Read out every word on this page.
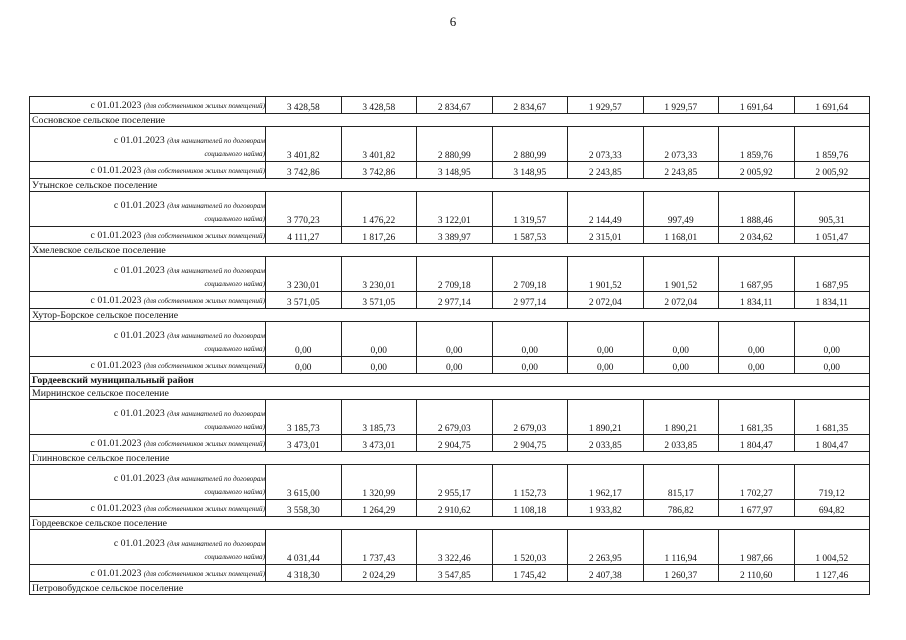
6
с 01.01.2023 (для собственников жилых помещений)	3 428,58	3 428,58	2 834,67	2 834,67	1 929,57	1 929,57	1 691,64	1 691,64
Сосновское сельское поселение								

с 01.01.2023 (для нанимателей по договорам
социального найма)	3 401,82	3 401,82	2 880,99	2 880,99	2 073,33	2 073,33	1 859,76	1 859,76

с 01.01.2023 (для собственников жилых помещений)	3 742,86	3 742,86	3 148,95	3 148,95	2 243,85	2 243,85	2 005,92	2 005,92
Утынское сельское поселение								

с 01.01.2023 (для нанимателей по договорам
социального найма)	3 770,23	1 476,22	3 122,01	1 319,57	2 144,49	997,49	1 888,46	905,31

с 01.01.2023 (для собственников жилых помещений)	4 111,27	1 817,26	3 389,97	1 587,53	2 315,01	1 168,01	2 034,62	1 051,47
Хмелевское сельское поселение								

с 01.01.2023 (для нанимателей по договорам
социального найма)	3 230,01	3 230,01	2 709,18	2 709,18	1 901,52	1 901,52	1 687,95	1 687,95

с 01.01.2023 (для собственников жилых помещений)	3 571,05	3 571,05	2 977,14	2 977,14	2 072,04	2 072,04	1 834,11	1 834,11
Хутор-Борское сельское поселение								

с 01.01.2023 (для нанимателей по договорам
социального найма)	0,00	0,00	0,00	0,00	0,00	0,00	0,00	0,00

с 01.01.2023 (для собственников жилых помещений)	0,00	0,00	0,00	0,00	0,00	0,00	0,00	0,00
Гордеевский муниципальный район								
Мирнинское сельское поселение								

с 01.01.2023 (для нанимателей по договорам
социального найма)	3 185,73	3 185,73	2 679,03	2 679,03	1 890,21	1 890,21	1 681,35	1 681,35

с 01.01.2023 (для собственников жилых помещений)	3 473,01	3 473,01	2 904,75	2 904,75	2 033,85	2 033,85	1 804,47	1 804,47
Глинновское сельское поселение								

с 01.01.2023 (для нанимателей по договорам
социального найма)	3 615,00	1 320,99	2 955,17	1 152,73	1 962,17	815,17	1 702,27	719,12

с 01.01.2023 (для собственников жилых помещений)	3 558,30	1 264,29	2 910,62	1 108,18	1 933,82	786,82	1 677,97	694,82
Гордеевское сельское поселение								

с 01.01.2023 (для нанимателей по договорам
социального найма)	4 031,44	1 737,43	3 322,46	1 520,03	2 263,95	1 116,94	1 987,66	1 004,52

с 01.01.2023 (для собственников жилых помещений)	4 318,30	2 024,29	3 547,85	1 745,42	2 407,38	1 260,37	2 110,60	1 127,46
Петровобудское сельское поселение								
